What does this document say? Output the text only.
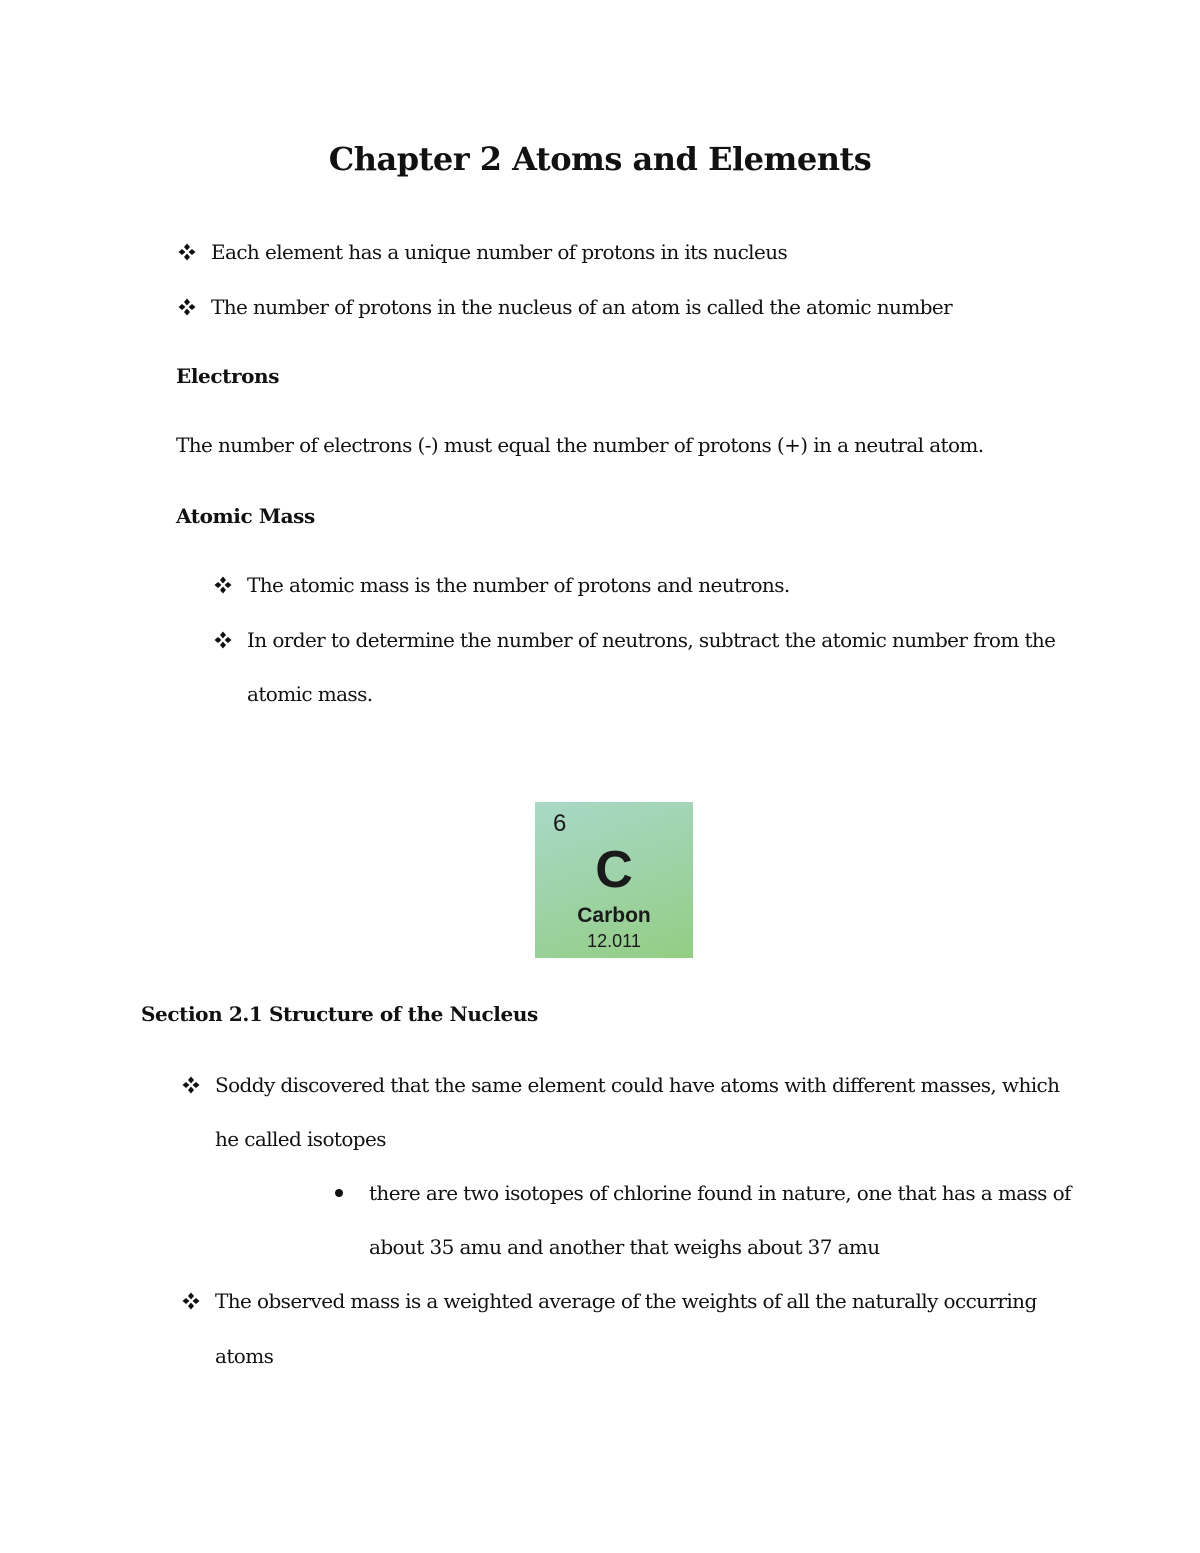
Chapter 2 Atoms and Elements
Each element has a unique number of protons in its nucleus
The number of protons in the nucleus of an atom is called the atomic number
Electrons
The number of electrons (-) must equal the number of protons (+) in a neutral atom.
Atomic Mass
The atomic mass is the number of protons and neutrons.
In order to determine the number of neutrons, subtract the atomic number from the
atomic mass.
6
C
Carbon
12.011
Section 2.1 Structure of the Nucleus
Soddy discovered that the same element could have atoms with different masses, which
he called isotopes
there are two isotopes of chlorine found in nature, one that has a mass of
about 35 amu and another that weighs about 37 amu
The observed mass is a weighted average of the weights of all the naturally occurring
atoms
